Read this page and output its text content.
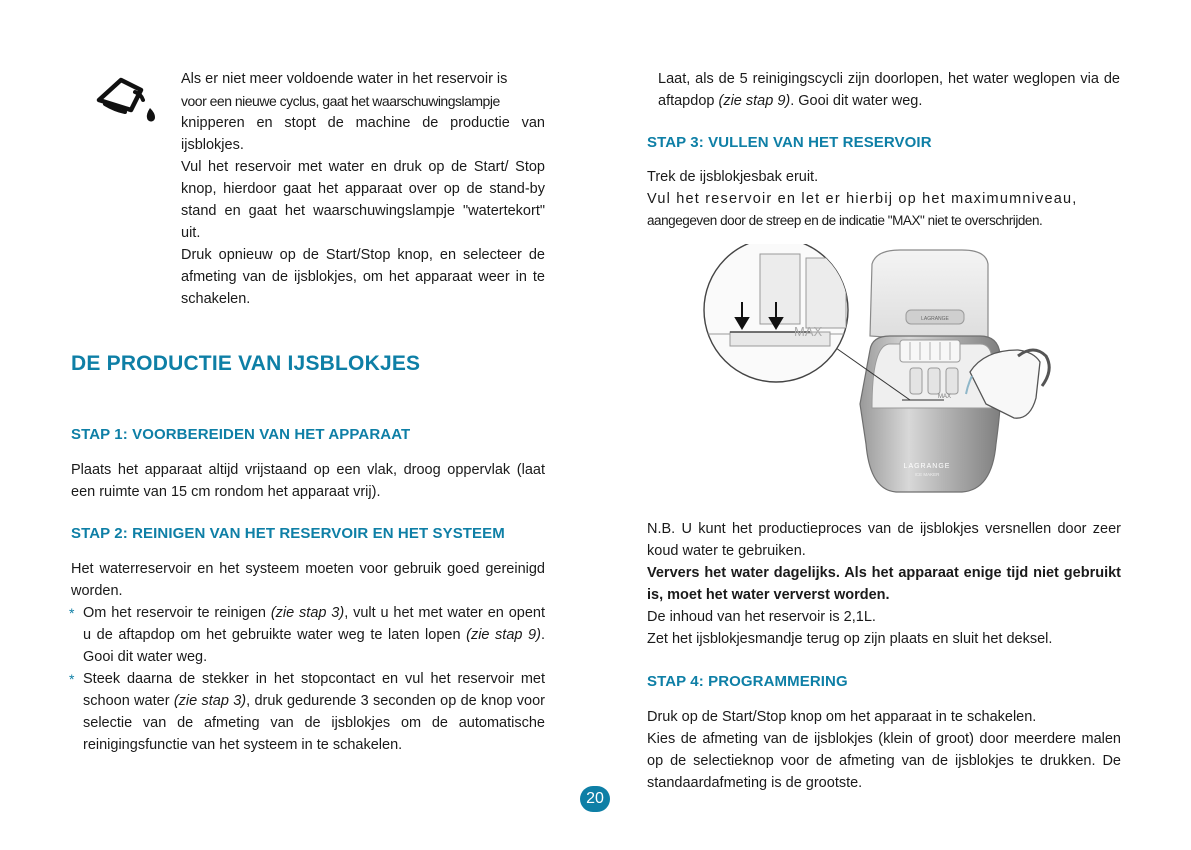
Als er niet meer voldoende water in het reservoir is

voor een nieuwe cyclus, gaat het waarschuwingslampje

knipperen en stopt de machine de productie van ijsblokjes.

Vul het reservoir met water en druk op de Start/ Stop knop, hierdoor gaat het apparaat over op de stand-by stand en gaat het waarschuwingslampje "watertekort" uit.

Druk opnieuw op de Start/Stop knop, en selecteer de afmeting van de ijsblokjes, om het apparaat weer in te schakelen.

DE PRODUCTIE VAN IJSBLOKJES
STAP 1: VOORBEREIDEN VAN HET APPARAAT

Plaats het apparaat altijd vrijstaand op een vlak, droog oppervlak (laat een ruimte van 15 cm rondom het apparaat vrij).

STAP 2: REINIGEN VAN HET RESERVOIR EN HET SYSTEEM

Het waterreservoir en het systeem moeten voor gebruik goed gereinigd worden.

* Om het reservoir te reinigen (zie stap 3), vult u het met water en opent u de aftapdop om het gebruikte water weg te laten lopen (zie stap 9). Gooi dit water weg.

* Steek daarna de stekker in het stopcontact en vul het reservoir met schoon water (zie stap 3), druk gedurende 3 seconden op de knop voor selectie van de afmeting van de ijsblokjes om de automatische reinigingsfunctie van het systeem in te schakelen.

Laat, als de 5 reinigingscycli zijn doorlopen, het water weglopen via de aftapdop (zie stap 9). Gooi dit water weg.

STAP 3: VULLEN VAN HET RESERVOIR

Trek de ijsblokjesbak eruit.

Vul het reservoir en let er hierbij op het maximumniveau,

aangegeven door de streep en de indicatie "MAX" niet te overschrijden.

LAGRANGE
MAX
LAGRANGE
ICE MAKER
MAX

N.B. U kunt het productieproces van de ijsblokjes versnellen door zeer koud water te gebruiken.

Ververs het water dagelijks. Als het apparaat enige tijd niet gebruikt is, moet het water ververst worden.

De inhoud van het reservoir is 2,1L.

Zet het ijsblokjesmandje terug op zijn plaats en sluit het deksel.

STAP 4: PROGRAMMERING

Druk op de Start/Stop knop om het apparaat in te schakelen.

Kies de afmeting van de ijsblokjes (klein of groot) door meerdere malen op de selectieknop voor de afmeting van de ijsblokjes te drukken. De standaardafmeting is de grootste.

20
